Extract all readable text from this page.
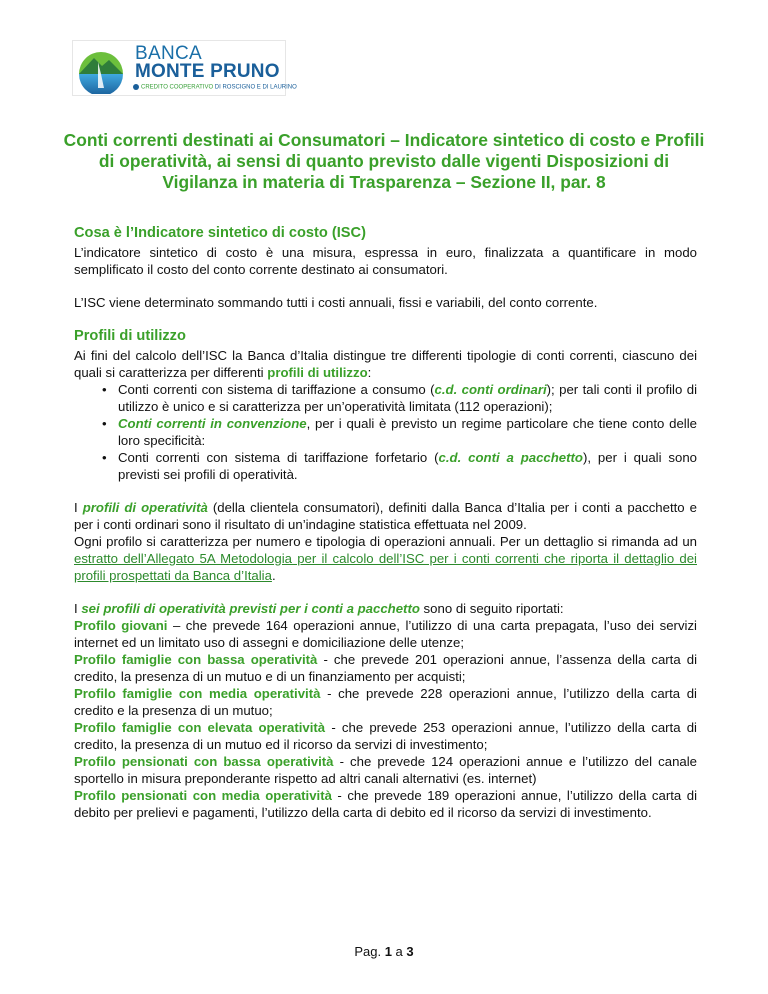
BANCA
MONTE PRUNO
CREDITO COOPERATIVO DI ROSCIGNO E DI LAURINO
Conti correnti destinati ai Consumatori – Indicatore sintetico di costo e Profili di operatività, ai sensi di quanto previsto dalle vigenti Disposizioni di Vigilanza in materia di Trasparenza – Sezione II, par. 8
Cosa è l’Indicatore sintetico di costo (ISC)

L’indicatore sintetico di costo è una misura, espressa in euro, finalizzata a quantificare in modo semplificato il costo del conto corrente destinato ai consumatori.

L’ISC viene determinato sommando tutti i costi annuali, fissi e variabili, del conto corrente.

Profili di utilizzo

Ai fini del calcolo dell’ISC la Banca d’Italia distingue tre differenti tipologie di conti correnti, ciascuno dei quali si caratterizza per differenti profili di utilizzo:

• Conti correnti con sistema di tariffazione a consumo (c.d. conti ordinari); per tali conti il profilo di utilizzo è unico e si caratterizza per un’operatività limitata (112 operazioni);
• Conti correnti in convenzione, per i quali è previsto un regime particolare che tiene conto delle loro specificità:
• Conti correnti con sistema di tariffazione forfetario (c.d. conti a pacchetto), per i quali sono previsti sei profili di operatività.

I profili di operatività (della clientela consumatori), definiti dalla Banca d’Italia per i conti a pacchetto e per i conti ordinari sono il risultato di un’indagine statistica effettuata nel 2009.

Ogni profilo si caratterizza per numero e tipologia di operazioni annuali. Per un dettaglio si rimanda ad un estratto dell’Allegato 5A Metodologia per il calcolo dell’ISC per i conti correnti che riporta il dettaglio dei profili prospettati da Banca d’Italia.

I sei profili di operatività previsti per i conti a pacchetto sono di seguito riportati:

Profilo giovani – che prevede 164 operazioni annue, l’utilizzo di una carta prepagata, l’uso dei servizi internet ed un limitato uso di assegni e domiciliazione delle utenze;

Profilo famiglie con bassa operatività - che prevede 201 operazioni annue, l’assenza della carta di credito, la presenza di un mutuo e di un finanziamento per acquisti;

Profilo famiglie con media operatività - che prevede 228 operazioni annue, l’utilizzo della carta di credito e la presenza di un mutuo;

Profilo famiglie con elevata operatività - che prevede 253 operazioni annue, l’utilizzo della carta di credito, la presenza di un mutuo ed il ricorso da servizi di investimento;

Profilo pensionati con bassa operatività - che prevede 124 operazioni annue e l’utilizzo del canale sportello in misura preponderante rispetto ad altri canali alternativi (es. internet)

Profilo pensionati con media operatività - che prevede 189 operazioni annue, l’utilizzo della carta di debito per prelievi e pagamenti, l’utilizzo della carta di debito ed il ricorso da servizi di investimento.

Pag. 1 a 3
